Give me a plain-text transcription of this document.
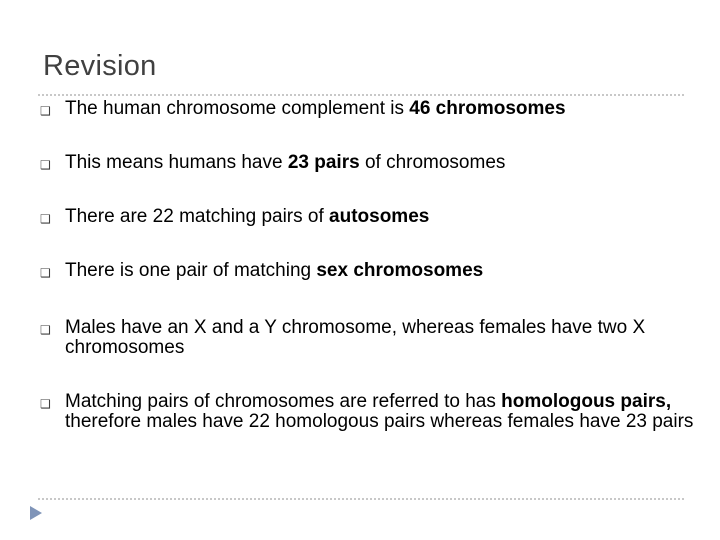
Revision
❑ The human chromosome complement is 46 chromosomes
❑ This means humans have 23 pairs of chromosomes
❑ There are 22 matching pairs of autosomes
❑ There is one pair of matching sex chromosomes
❑ Males have an X and a Y chromosome, whereas females have two X chromosomes
❑ Matching pairs of chromosomes are referred to has homologous pairs, therefore males have 22 homologous pairs whereas females have 23 pairs
